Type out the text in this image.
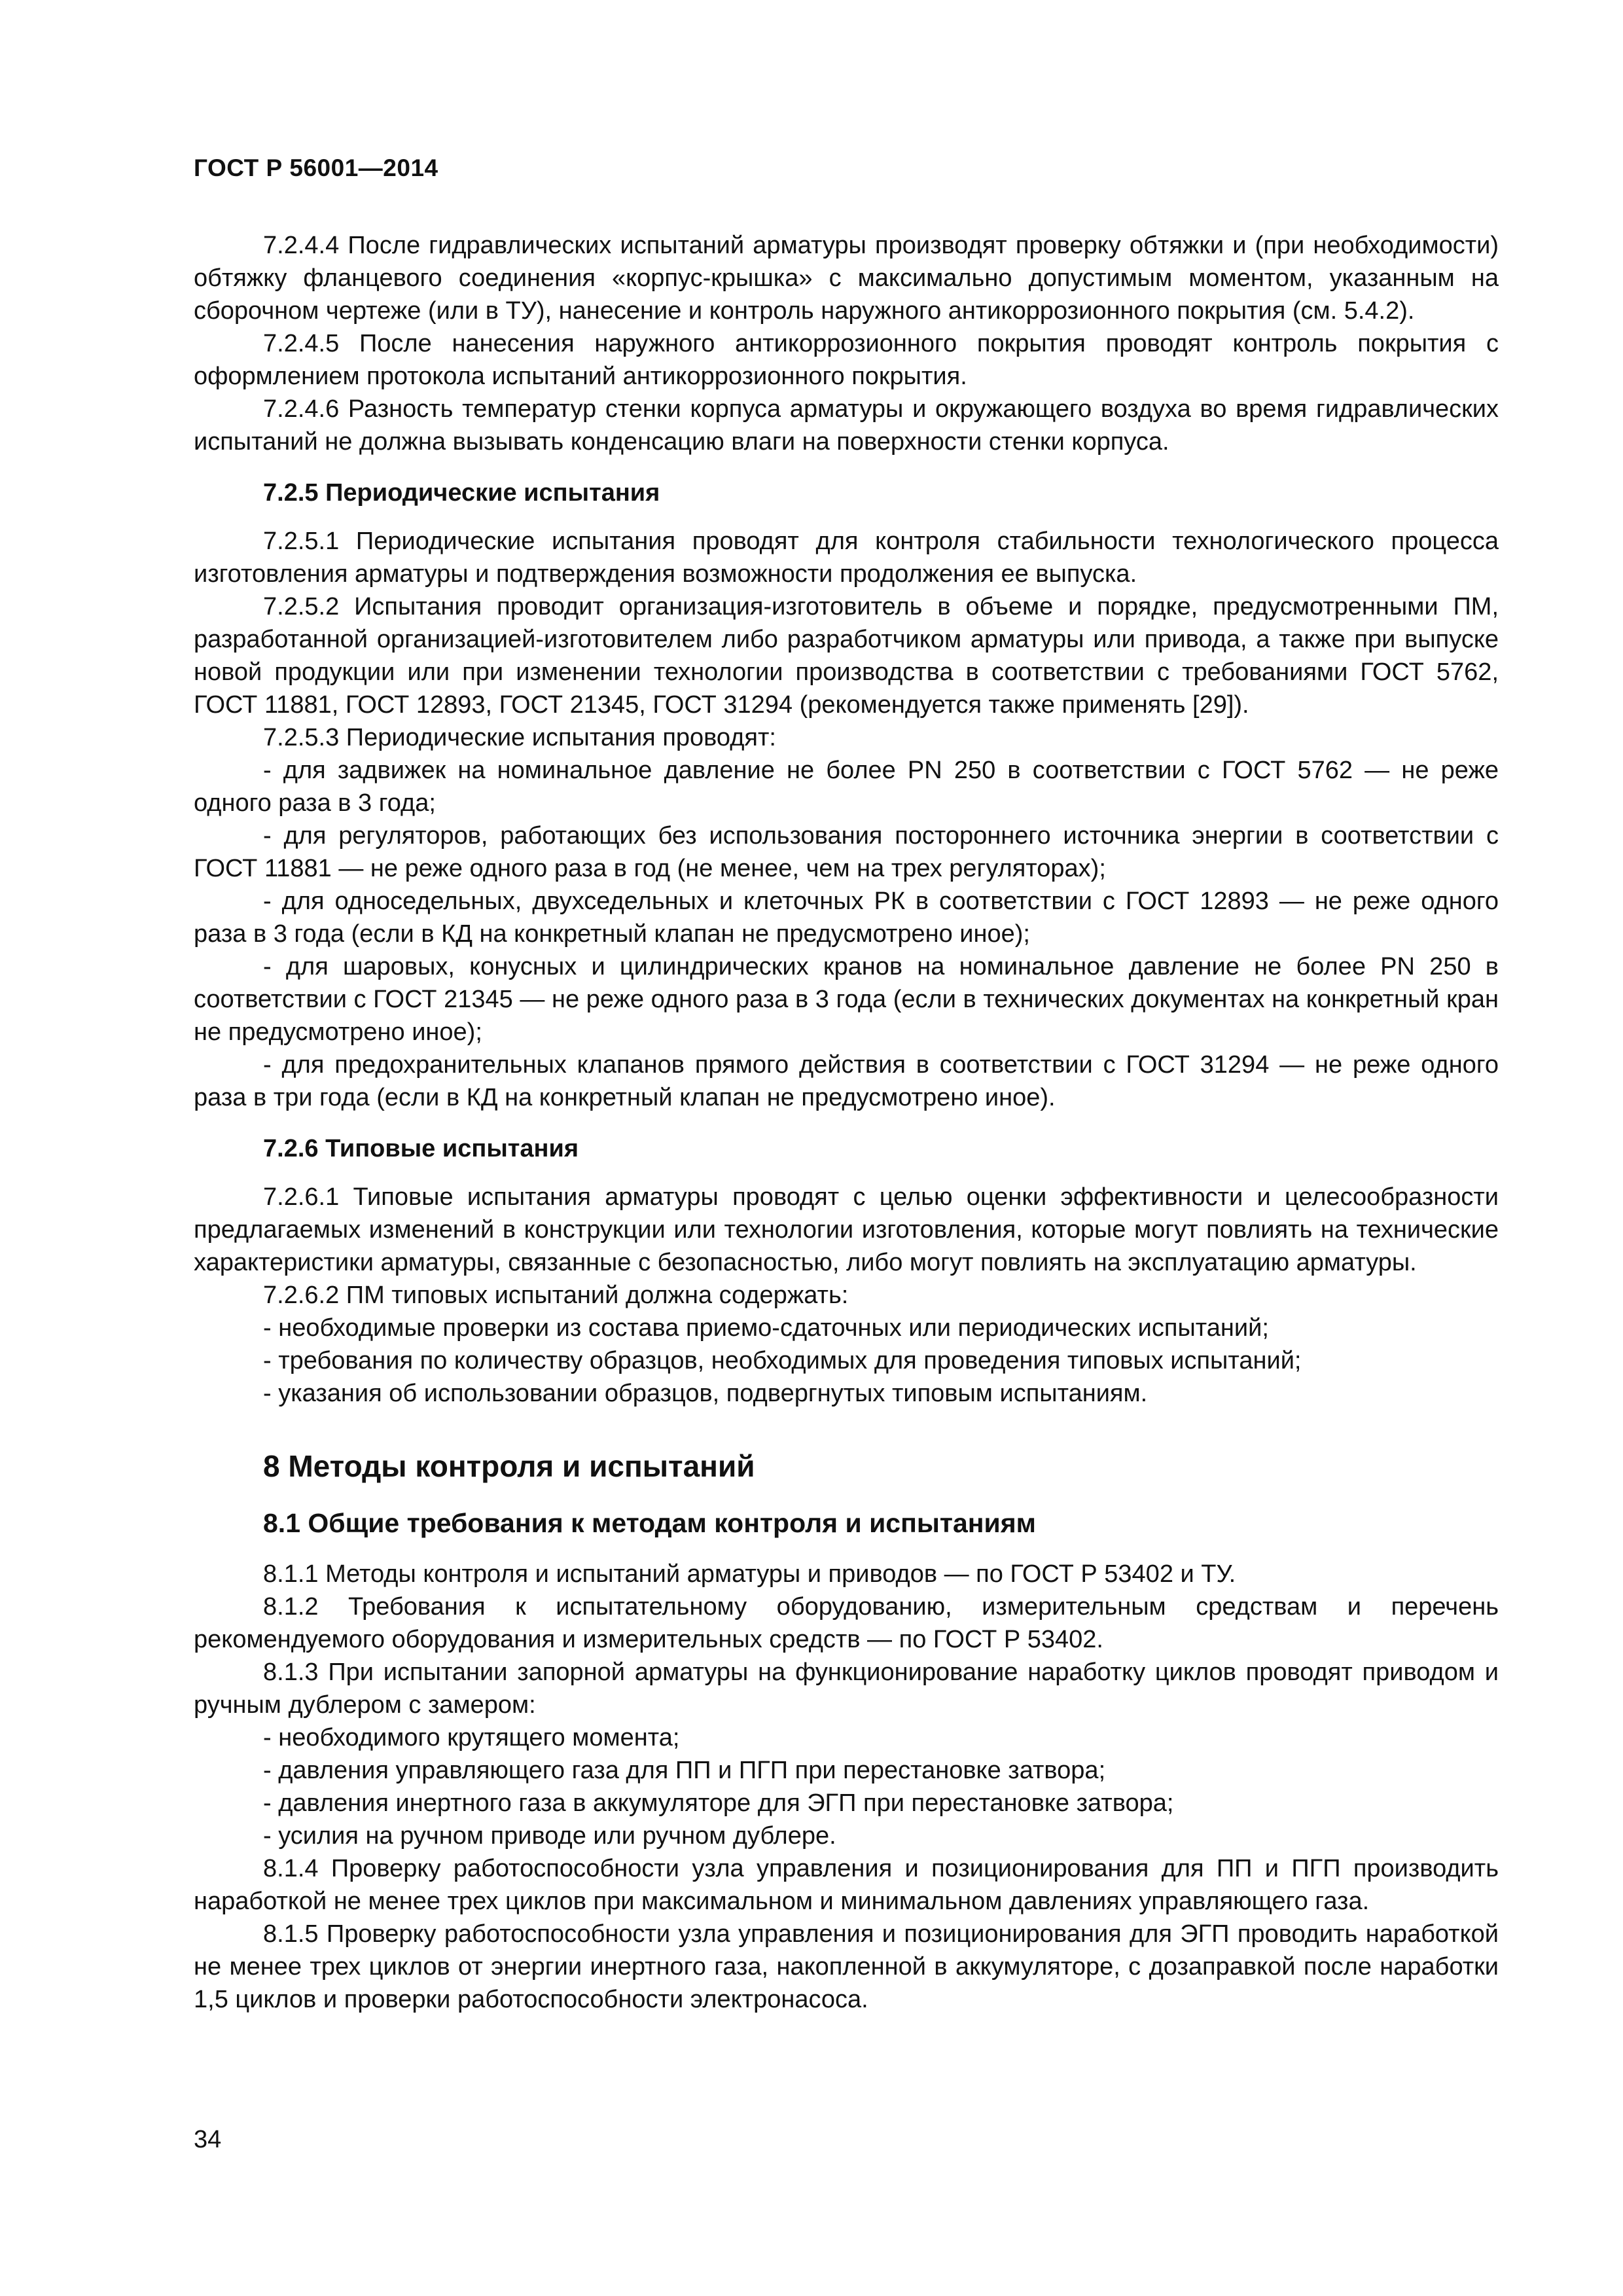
ГОСТ Р 56001—2014

7.2.4.4 После гидравлических испытаний арматуры производят проверку обтяжки и (при необходимости) обтяжку фланцевого соединения «корпус-крышка» с максимально допустимым моментом, указанным на сборочном чертеже (или в ТУ), нанесение и контроль наружного антикоррозионного покрытия (см. 5.4.2).

7.2.4.5 После нанесения наружного антикоррозионного покрытия проводят контроль покрытия с оформлением протокола испытаний антикоррозионного покрытия.

7.2.4.6 Разность температур стенки корпуса арматуры и окружающего воздуха во время гидравлических испытаний не должна вызывать конденсацию влаги на поверхности стенки корпуса.

7.2.5 Периодические испытания

7.2.5.1 Периодические испытания проводят для контроля стабильности технологического процесса изготовления арматуры и подтверждения возможности продолжения ее выпуска.

7.2.5.2 Испытания проводит организация-изготовитель в объеме и порядке, предусмотренными ПМ, разработанной организацией-изготовителем либо разработчиком арматуры или привода, а также при выпуске новой продукции или при изменении технологии производства в соответствии с требованиями ГОСТ 5762, ГОСТ 11881, ГОСТ 12893, ГОСТ 21345, ГОСТ 31294 (рекомендуется также применять [29]).

7.2.5.3 Периодические испытания проводят:

- для задвижек на номинальное давление не более PN 250 в соответствии с ГОСТ 5762 — не реже одного раза в 3 года;

- для регуляторов, работающих без использования постороннего источника энергии в соответствии с ГОСТ 11881 — не реже одного раза в год (не менее, чем на трех регуляторах);

- для односедельных, двухседельных и клеточных РК в соответствии с ГОСТ 12893 — не реже одного раза в 3 года (если в КД на конкретный клапан не предусмотрено иное);

- для шаровых, конусных и цилиндрических кранов на номинальное давление не более PN 250 в соответствии с ГОСТ 21345 — не реже одного раза в 3 года (если в технических документах на конкретный кран не предусмотрено иное);

- для предохранительных клапанов прямого действия в соответствии с ГОСТ 31294 — не реже одного раза в три года (если в КД на конкретный клапан не предусмотрено иное).

7.2.6 Типовые испытания

7.2.6.1 Типовые испытания арматуры проводят с целью оценки эффективности и целесообразности предлагаемых изменений в конструкции или технологии изготовления, которые могут повлиять на технические характеристики арматуры, связанные с безопасностью, либо могут повлиять на эксплуатацию арматуры.

7.2.6.2 ПМ типовых испытаний должна содержать:

- необходимые проверки из состава приемо-сдаточных или периодических испытаний;

- требования по количеству образцов, необходимых для проведения типовых испытаний;

- указания об использовании образцов, подвергнутых типовым испытаниям.

8 Методы контроля и испытаний
8.1 Общие требования к методам контроля и испытаниям

8.1.1 Методы контроля и испытаний арматуры и приводов — по ГОСТ Р 53402 и ТУ.

8.1.2 Требования к испытательному оборудованию, измерительным средствам и перечень рекомендуемого оборудования и измерительных средств — по ГОСТ Р 53402.

8.1.3 При испытании запорной арматуры на функционирование наработку циклов проводят приводом и ручным дублером с замером:

- необходимого крутящего момента;

- давления управляющего газа для ПП и ПГП при перестановке затвора;

- давления инертного газа в аккумуляторе для ЭГП при перестановке затвора;

- усилия на ручном приводе или ручном дублере.

8.1.4 Проверку работоспособности узла управления и позиционирования для ПП и ПГП производить наработкой не менее трех циклов при максимальном и минимальном давлениях управляющего газа.

8.1.5 Проверку работоспособности узла управления и позиционирования для ЭГП проводить наработкой не менее трех циклов от энергии инертного газа, накопленной в аккумуляторе, с дозаправкой после наработки 1,5 циклов и проверки работоспособности электронасоса.

34
